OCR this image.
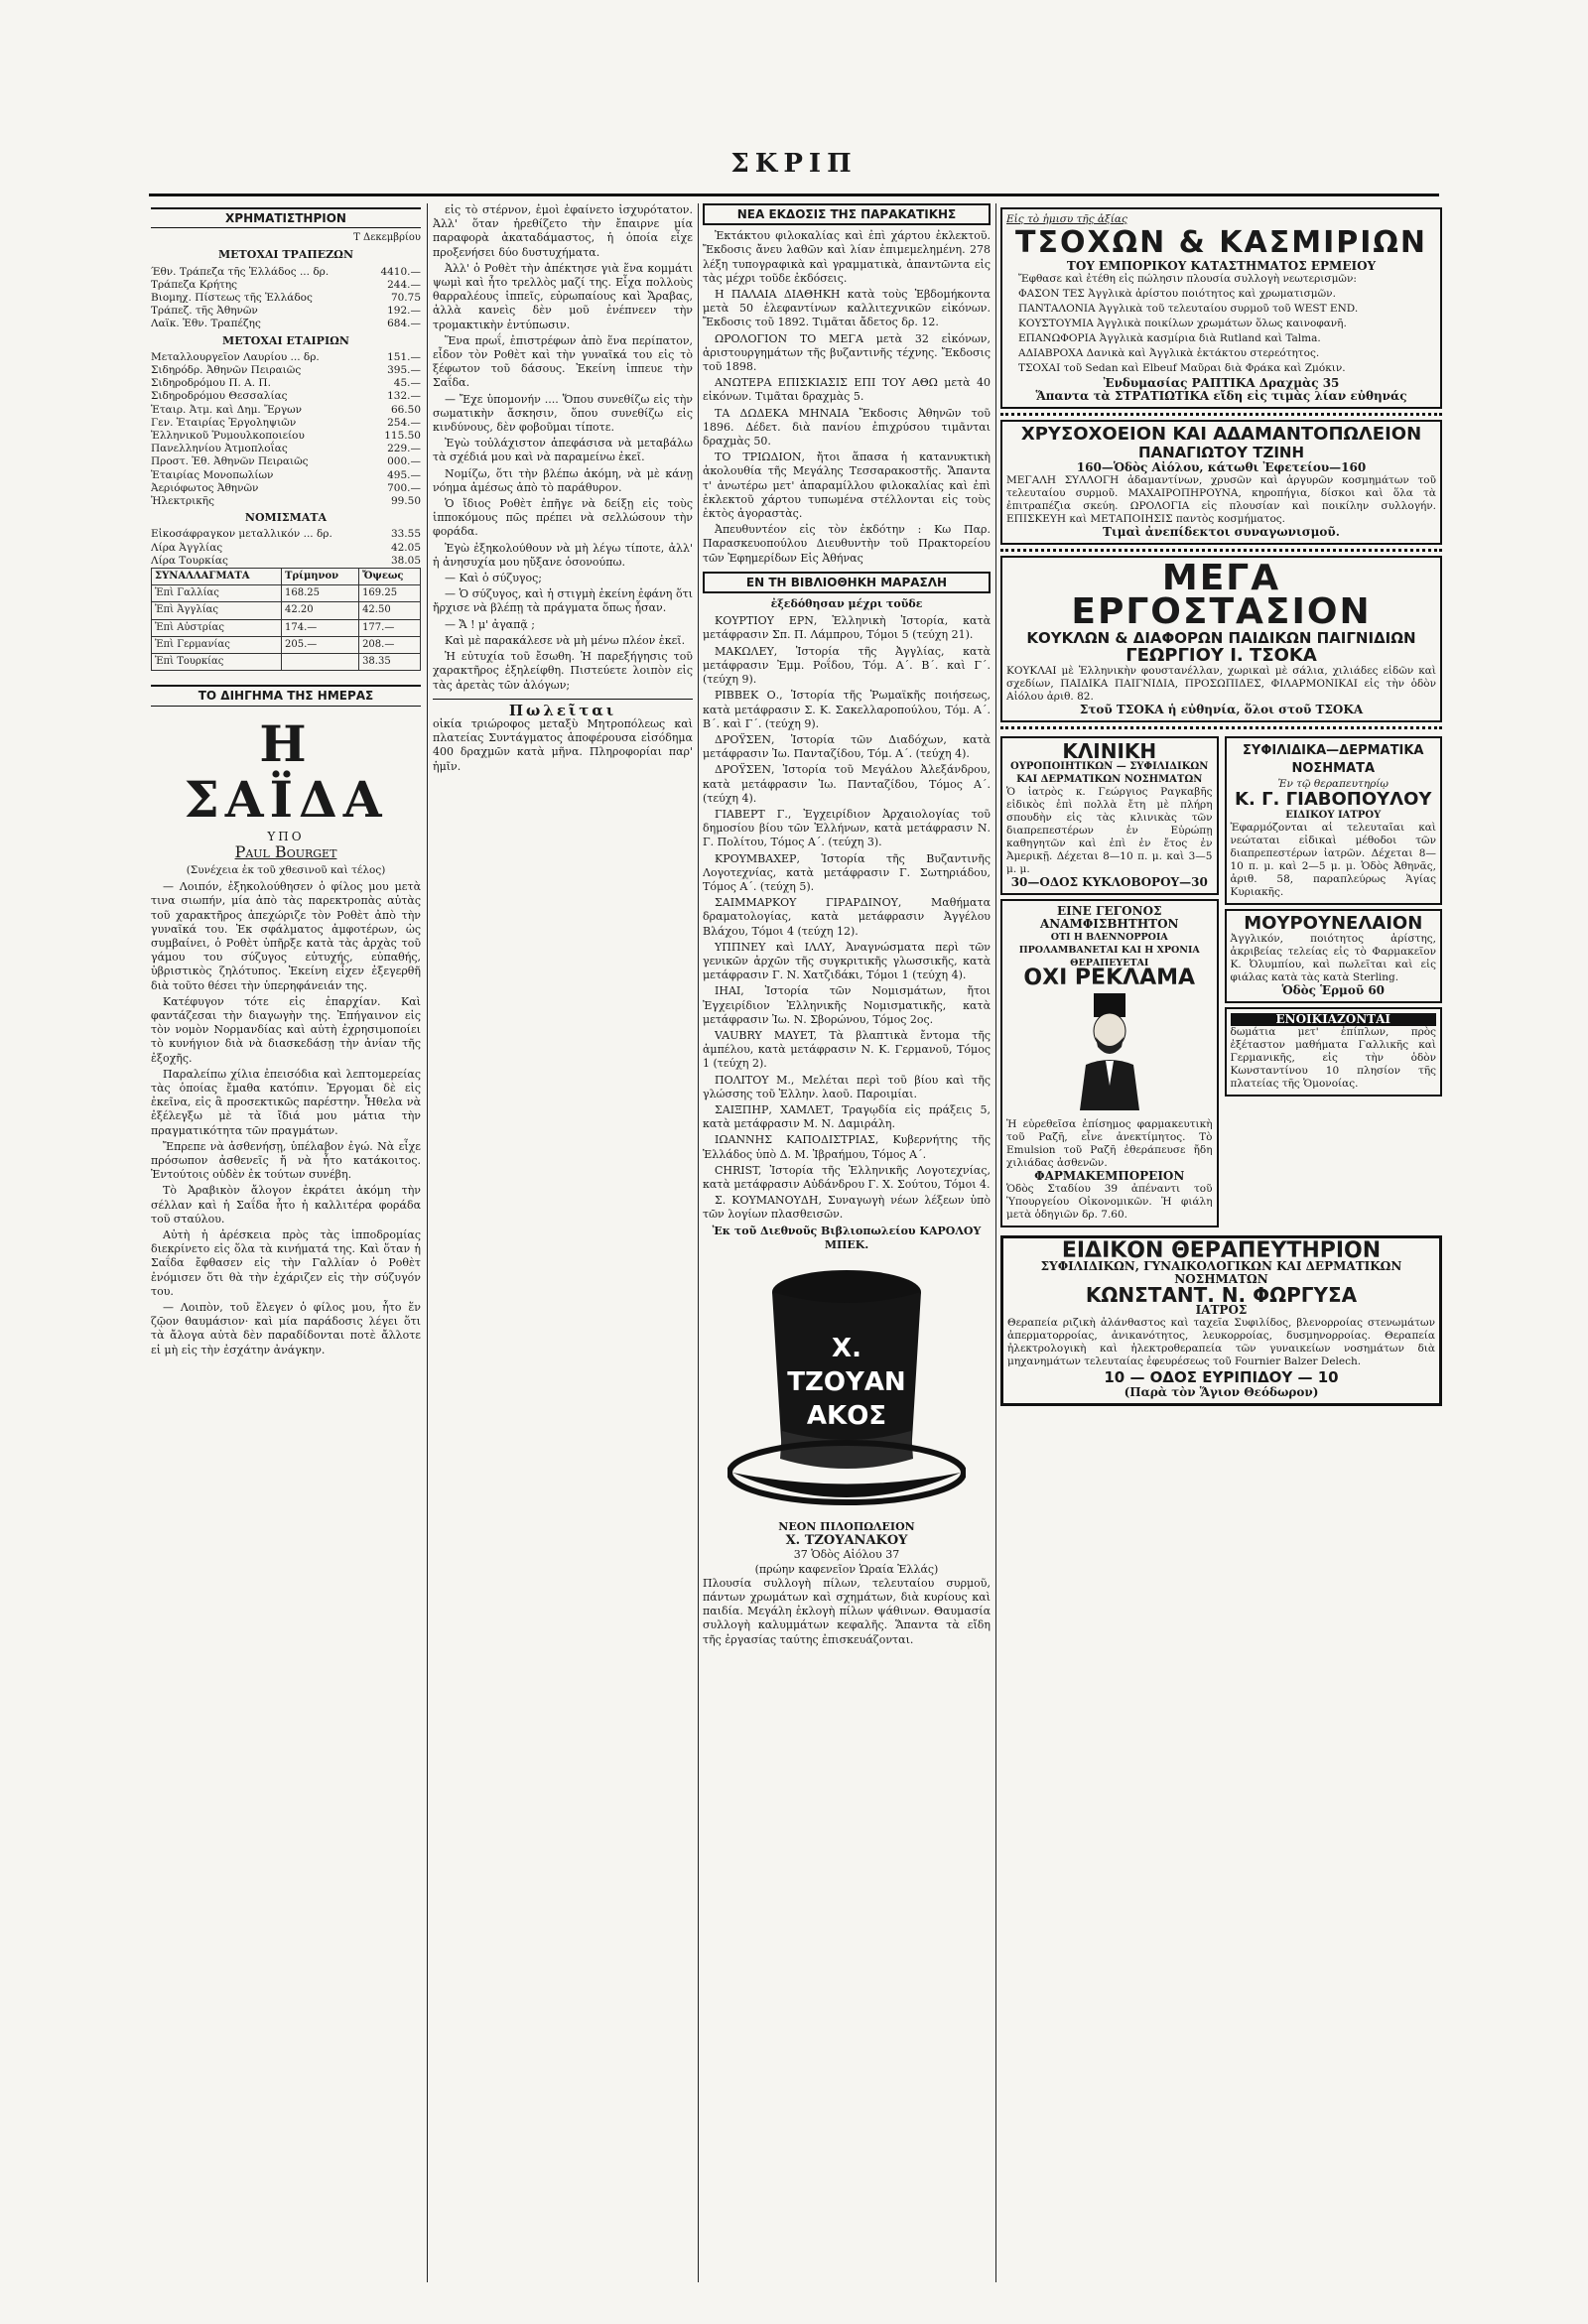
ΣΚΡΙΠ
ΧΡΗΜΑΤΙΣΤΗΡΙΟΝ
Τ Δεκεμβρίου
ΜΕΤΟΧΑΙ ΤΡΑΠΕΖΩΝ
Έθν. Τράπεζα τῆς Ἑλλάδος ... δρ.	4410.—
Τράπεζα Κρήτης	244.—
Βιομηχ. Πίστεως τῆς Ἑλλάδος	70.75
Τράπεζ. τῆς Ἀθηνῶν	192.—
Λαϊκ. Ἐθν. Τραπέζης	684.—
ΜΕΤΟΧΑΙ ΕΤΑΙΡΙΩΝ
Μεταλλουργεῖον Λαυρίου ... δρ.	151.—
Σιδηρόδρ. Ἀθηνῶν Πειραιῶς	395.—
Σιδηροδρόμου Π. Α. Π.	45.—
Σιδηροδρόμου Θεσσαλίας	132.—
Ἑταιρ. Ἀτμ. καὶ Δημ. Ἔργων	66.50
Γεν. Ἑταιρίας Ἐργοληψιῶν	254.—
Ἑλληνικοῦ Ῥυμουλκοποιείου	115.50
Πανελληνίου Ἀτμοπλοΐας	229.—
Προστ. Ἑθ. Ἀθηνῶν Πειραιῶς	000.—
Ἑταιρίας Μονοπωλίων	495.—
Ἀεριόφωτος Ἀθηνῶν	700.—
Ἠλεκτρικῆς	99.50
ΝΟΜΙΣΜΑΤΑ
Εἰκοσάφραγκον μεταλλικόν ... δρ.	33.55
Λίρα Ἀγγλίας	42.05
Λίρα Τουρκίας	38.05
ΣΥΝΑΛΛΑΓΜΑΤΑ	Τρίμηνον	Ὄψεως
Ἐπὶ Γαλλίας	168.25	169.25
Ἐπὶ Ἀγγλίας	42.20	42.50
Ἐπὶ Αὐστρίας	174.—	177.—
Ἐπὶ Γερμανίας	205.—	208.—
Ἐπὶ Τουρκίας		38.35
ΤΟ ΔΙΗΓΗΜΑ ΤΗΣ ΗΜΕΡΑΣ
Η ΣΑΪΔΑ
ΥΠΟ
Paul Bourget
(Συνέχεια ἐκ τοῦ χθεσινοῦ καὶ τέλος)

— Λοιπόν, ἐξηκολούθησεν ὁ φίλος μου μετὰ τινα σιωπήν, μία ἀπὸ τὰς παρεκτροπὰς αὐτὰς τοῦ χαρακτῆρος ἀπεχώριζε τὸν Ροθὲτ ἀπὸ τὴν γυναῖκά του. Ἐκ σφάλματος ἀμφοτέρων, ὡς συμβαίνει, ὁ Ροθὲτ ὑπῆρξε κατὰ τὰς ἀρχὰς τοῦ γάμου του σύζυγος εὐτυχής, εὐπαθής, ὑβριστικὸς ζηλότυπος. Ἐκείνη εἶχεν ἐξεγερθῆ διὰ τοῦτο θέσει τὴν ὑπερηφάνειάν της.

Κατέφυγον τότε εἰς ἐπαρχίαν. Καὶ φαντάζεσαι τὴν διαγωγὴν της. Ἐπήγαινον εἰς τὸν νομὸν Νορμανδίας καὶ αὐτὴ ἐχρησιμοποίει τὸ κυνήγιον διὰ νὰ διασκεδάσῃ τὴν ἀνίαν τῆς ἐξοχῆς.

Παραλείπω χίλια ἐπεισόδια καὶ λεπτομερείας τὰς ὁποίας ἔμαθα κατόπιν. Ἐργομαι δὲ εἰς ἐκεῖνα, εἰς ἃ προσεκτικῶς παρέστην. Ἦθελα νὰ ἐξέλεγξω μὲ τὰ ἴδιά μου μάτια τὴν πραγματικότητα τῶν πραγμάτων.

Ἔπρεπε νὰ ἀσθενήσῃ, ὑπέλαβον ἐγώ. Νὰ εἶχε πρόσωπον ἀσθενεῖς ἤ νὰ ἦτο κατάκοιτος. Ἐντούτοις οὐδὲν ἐκ τούτων συνέβη.

Τὸ Ἀραβικὸν ἄλογον ἐκράτει ἀκόμη τὴν σέλλαν καὶ ἡ Σαΐδα ἦτο ἡ καλλιτέρα φοράδα τοῦ σταύλου.

Αὐτὴ ἡ ἀρέσκεια πρὸς τὰς ἱπποδρομίας διεκρίνετο εἰς ὅλα τὰ κινήματά της. Καὶ ὅταν ἡ Σαΐδα ἔφθασεν εἰς τὴν Γαλλίαν ὁ Ροθὲτ ἐνόμισεν ὅτι θὰ τὴν ἐχάριζεν εἰς τὴν σύζυγόν του.

— Λοιπὸν, τοῦ ἔλεγεν ὁ φίλος μου, ἦτο ἕν ζῷον θαυμάσιον· καὶ μία παράδοσις λέγει ὅτι τὰ ἄλογα αὐτὰ δὲν παραδίδονται ποτὲ ἄλλοτε εἰ μὴ εἰς τὴν ἐσχάτην ἀνάγκην.

εἰς τὸ στέρνον, ἐμοὶ ἐφαίνετο ἰσχυρότατον. Ἀλλ' ὅταν ἠρεθίζετο τὴν ἔπαιρνε μία παραφορὰ ἀκαταδάμαστος, ἡ ὁποία εἶχε προξενήσει δύο δυστυχήματα.

Ἀλλ' ὁ Ροθὲτ τὴν ἀπέκτησε γιὰ ἕνα κομμάτι ψωμὶ καὶ ἦτο τρελλὸς μαζί της. Εἶχα πολλοὺς θαρραλέους ἱππεῖς, εὐρωπαίους καὶ Ἄραβας, ἀλλὰ κανεὶς δὲν μοῦ ἐνέπνεεν τὴν τρομακτικὴν ἐντύπωσιν.

Ἕνα πρωΐ, ἐπιστρέφων ἀπὸ ἕνα περίπατον, εἶδον τὸν Ροθὲτ καὶ τὴν γυναῖκά του εἰς τὸ ξέφωτον τοῦ δάσους. Ἐκείνη ἱππευε τὴν Σαΐδα.

— Ἔχε ὑπομονήν .... Ὅπου συνεθίζω εἰς τὴν σωματικὴν ἄσκησιν, ὅπου συνεθίζω εἰς κινδύνους, δὲν φοβοῦμαι τίποτε.

Ἐγὼ τοὐλάχιστον ἀπεφάσισα νὰ μεταβάλω τὰ σχέδιά μου καὶ νὰ παραμείνω ἐκεῖ.

Νομίζω, ὅτι τὴν βλέπω ἀκόμη, νὰ μὲ κάνῃ νόημα ἀμέσως ἀπὸ τὸ παράθυρον.

Ὁ ἴδιος Ροθὲτ ἐπῆγε νὰ δείξῃ εἰς τοὺς ἱπποκόμους πῶς πρέπει νὰ σελλώσουν τὴν φοράδα.

Ἐγὼ ἐξηκολούθουν νὰ μὴ λέγω τίποτε, ἀλλ' ἡ ἀνησυχία μου ηὔξανε ὁσονούπω.

— Καὶ ὁ σύζυγος;

— Ὁ σύζυγος, καὶ ἡ στιγμὴ ἐκείνη ἐφάνη ὅτι ἤρχισε νὰ βλέπῃ τὰ πράγματα ὅπως ἦσαν.

— Ἄ ! μ' ἀγαπᾷ ;

Καὶ μὲ παρακάλεσε νὰ μὴ μένω πλέον ἐκεῖ.

Ἡ εὐτυχία τοῦ ἔσωθη. Ἡ παρεξήγησις τοῦ χαρακτῆρος ἐξηλείφθη. Πιστεύετε λοιπὸν εἰς τὰς ἀρετὰς τῶν ἀλόγων;

Πωλεῖται
οἰκία τριώροφος μεταξὺ Μητροπόλεως καὶ πλατείας Συντάγματος ἀποφέρουσα εἰσόδημα 400 δραχμῶν κατὰ μῆνα. Πληροφορίαι παρ' ἡμῖν.
ΝΕΑ ΕΚΔΟΣΙΣ ΤΗΣ ΠΑΡΑΚΑΤΙΚΗΣ

Ἐκτάκτου φιλοκαλίας καὶ ἐπὶ χάρτου ἐκλεκτοῦ. Ἔκδοσις ἄνευ λαθῶν καὶ λίαν ἐπιμεμελημένη. 278 λέξη τυπογραφικὰ καὶ γραμματικὰ, ἀπαντῶντα εἰς τὰς μέχρι τοῦδε ἐκδόσεις.

Η ΠΑΛΑΙΑ ΔΙΑΘΗΚΗ κατὰ τοὺς Ἑβδομήκοντα μετὰ 50 ἐλεφαντίνων καλλιτεχνικῶν εἰκόνων. Ἔκδοσις τοῦ 1892. Τιμᾶται ἄδετος δρ. 12.

ΩΡΟΛΟΓΙΟΝ ΤΟ ΜΕΓΑ μετὰ 32 εἰκόνων, ἀριστουργημάτων τῆς βυζαντινῆς τέχνης. Ἔκδοσις τοῦ 1898.

ΑΝΩΤΕΡΑ ΕΠΙΣΚΙΑΣΙΣ ΕΠΙ ΤΟΥ ΑΘΩ μετὰ 40 εἰκόνων. Τιμᾶται δραχμὰς 5.

ΤΑ ΔΩΔΕΚΑ ΜΗΝΑΙΑ Ἔκδοσις Ἀθηνῶν τοῦ 1896. Δέδετ. διὰ πανίου ἐπιχρύσου τιμᾶνται δραχμὰς 50.

ΤΟ ΤΡΙΩΔΙΟΝ, ἤτοι ἅπασα ἡ κατανυκτικὴ ἀκολουθία τῆς Μεγάλης Τεσσαρακοστῆς. Ἅπαντα τ' ἀνωτέρω μετ' ἀπαραμίλλου φιλοκαλίας καὶ ἐπὶ ἐκλεκτοῦ χάρτου τυπωμένα στέλλονται εἰς τοὺς ἐκτὸς ἀγοραστὰς.

Ἀπευθυντέον εἰς τὸν ἐκδότην : Κω Παρ. Παρασκευοπούλου Διευθυντὴν τοῦ Πρακτορείου τῶν Ἐφημερίδων Εἰς Ἀθήνας

ΕΝ ΤΗ ΒΙΒΛΙΟΘΗΚΗ ΜΑΡΑΣΛΗ
ἐξεδόθησαν μέχρι τοῦδε

ΚΟΥΡΤΙΟΥ ΕΡΝ, Ἑλληνικὴ Ἱστορία, κατὰ μετάφρασιν Σπ. Π. Λάμπρου, Τόμοι 5 (τεύχη 21).

ΜΑΚΩΛΕΥ, Ἱστορία τῆς Ἀγγλίας, κατὰ μετάφρασιν Ἐμμ. Ροΐδου, Τόμ. Α΄. Β΄. καὶ Γ΄. (τεύχη 9).

ΡΙΒΒΕΚ Ο., Ἱστορία τῆς Ῥωμαϊκῆς ποιήσεως, κατὰ μετάφρασιν Σ. Κ. Σακελλαροπούλου, Τόμ. Α΄. Β΄. καὶ Γ΄. (τεύχη 9).

ΔΡΟΫΣΕΝ, Ἱστορία τῶν Διαδόχων, κατὰ μετάφρασιν Ἰω. Πανταζίδου, Τόμ. Α΄. (τεύχη 4).

ΔΡΟΫΣΕΝ, Ἱστορία τοῦ Μεγάλου Ἀλεξάνδρου, κατὰ μετάφρασιν Ἰω. Πανταζίδου, Τόμος Α΄. (τεύχη 4).

ΓΙΑΒΕΡΤ Γ., Ἐγχειρίδιον Ἀρχαιολογίας τοῦ δημοσίου βίου τῶν Ἑλλήνων, κατὰ μετάφρασιν Ν. Γ. Πολίτου, Τόμος Α΄. (τεύχη 3).

ΚΡΟΥΜΒΑΧΕΡ, Ἱστορία τῆς Βυζαντινῆς Λογοτεχνίας, κατὰ μετάφρασιν Γ. Σωτηριάδου, Τόμος Α΄. (τεύχη 5).

ΣΑΙΜΜΑΡΚΟΥ ΓΙΡΑΡΔΙΝΟΥ, Μαθήματα δραματολογίας, κατὰ μετάφρασιν Ἀγγέλου Βλάχου, Τόμοι 4 (τεύχη 12).

ΥΠΠΝΕΥ καὶ ΙΛΛΥ, Ἀναγνώσματα περὶ τῶν γενικῶν ἀρχῶν τῆς συγκριτικῆς γλωσσικῆς, κατὰ μετάφρασιν Γ. Ν. Χατζιδάκι, Τόμοι 1 (τεύχη 4).

ΙΗΑΙ, Ἱστορία τῶν Νομισμάτων, ἤτοι Ἐγχειρίδιον Ἑλληνικῆς Νομισματικῆς, κατὰ μετάφρασιν Ἰω. Ν. Σβορώνου, Τόμος 2ος.

VAUBRY MAYET, Τὰ βλαπτικὰ ἔντομα τῆς ἀμπέλου, κατὰ μετάφρασιν Ν. Κ. Γερμανοῦ, Τόμος 1 (τεύχη 2).

ΠΟΛΙΤΟΥ Μ., Μελέται περὶ τοῦ βίου καὶ τῆς γλώσσης τοῦ Ἑλλην. λαοῦ. Παροιμίαι.

ΣΑΙΞΠΗΡ, ΧΑΜΛΕΤ, Τραγῳδία εἰς πράξεις 5, κατὰ μετάφρασιν Μ. Ν. Δαμιράλη.

ΙΩΑΝΝΗΣ ΚΑΠΟΔΙΣΤΡΙΑΣ, Κυβερνήτης τῆς Ἑλλάδος ὑπὸ Δ. Μ. Ἰβραήμου, Τόμος Α΄.

CHRIST, Ἱστορία τῆς Ἑλληνικῆς Λογοτεχνίας, κατὰ μετάφρασιν Αὐδάνδρου Γ. Χ. Σούτου, Τόμοι 4.

Σ. ΚΟΥΜΑΝΟΥΔΗ, Συναγωγὴ νέων λέξεων ὑπὸ τῶν λογίων πλασθεισῶν.

Ἐκ τοῦ Διεθνοῦς Βιβλιοπωλείου ΚΑΡΟΛΟΥ ΜΠΕΚ.
Χ. ΤΖΟΥΑΝΑΚΟΣ
ΝΕΟΝ ΠΙΛΟΠΩΛΕΙΟΝ
Χ. ΤΖΟΥΑΝΑΚΟΥ
37 Ὁδὸς Αἰόλου 37
(πρώην καφενεῖον Ὡραία Ἑλλάς)
Πλουσία συλλογὴ πίλων, τελευταίου συρμοῦ, πάντων χρωμάτων καὶ σχημάτων, διὰ κυρίους καὶ παιδία. Μεγάλη ἐκλογὴ πίλων ψάθινων. Θαυμασία συλλογὴ καλυμμάτων κεφαλῆς. Ἅπαντα τὰ εἴδη τῆς ἐργασίας ταύτης ἐπισκευάζονται.
Εἰς τὸ ἡμισυ τῆς ἀξίας
ΤΣΟΧΩΝ & ΚΑΣΜΙΡΙΩΝ
ΤΟΥ ΕΜΠΟΡΙΚΟΥ ΚΑΤΑΣΤΗΜΑΤΟΣ ΕΡΜΕΙΟΥ

Ἔφθασε καὶ ἐτέθη εἰς πώλησιν πλουσία συλλογὴ νεωτερισμῶν:

ΦΑΣΟΝ ΤΕΣ Ἀγγλικὰ ἀρίστου ποιότητος καὶ χρωματισμῶν.

ΠΑΝΤΑΛΟΝΙΑ Ἀγγλικὰ τοῦ τελευταίου συρμοῦ τοῦ WEST END.

ΚΟΥΣΤΟΥΜΙΑ Ἀγγλικὰ ποικίλων χρωμάτων ὅλως καινοφανῆ.

ΕΠΑΝΩΦΟΡΙΑ Ἀγγλικὰ κασμίρια διὰ Rutland καὶ Talma.

ΑΔΙΑΒΡΟΧΑ Δανικὰ καὶ Ἀγγλικὰ ἐκτάκτου στερεότητος.

ΤΣΟΧΑΙ τοῦ Sedan καὶ Elbeuf Μαῦραι διὰ Φράκα καὶ Ζμόκιν.

Ἐνδυμασίας ΡΑΠΤΙΚΑ Δραχμὰς 35
Ἅπαντα τὰ ΣΤΡΑΤΙΩΤΙΚΑ εἴδη εἰς τιμὰς λίαν εὐθηνάς
ΧΡΥΣΟΧΟΕΙΟΝ ΚΑΙ ΑΔΑΜΑΝΤΟΠΩΛΕΙΟΝ
ΠΑΝΑΓΙΩΤΟΥ ΤΖΙΝΗ
160—Ὁδὸς Αἰόλου, κάτωθι Ἐφετείου—160
ΜΕΓΑΛΗ ΣΥΛΛΟΓΗ ἀδαμαντίνων, χρυσῶν καὶ ἀργυρῶν κοσμημάτων τοῦ τελευταίου συρμοῦ. ΜΑΧΑΙΡΟΠΗΡΟΥΝΑ, κηροπήγια, δίσκοι καὶ ὅλα τὰ ἐπιτραπέζια σκεύη. ΩΡΟΛΟΓΙΑ εἰς πλουσίαν καὶ ποικίλην συλλογήν. ΕΠΙΣΚΕΥΗ καὶ ΜΕΤΑΠΟΙΗΣΙΣ παντὸς κοσμήματος.
Τιμαὶ ἀνεπίδεκτοι συναγωνισμοῦ.
ΜΕΓΑ ΕΡΓΟΣΤΑΣΙΟΝ
ΚΟΥΚΛΩΝ & ΔΙΑΦΟΡΩΝ ΠΑΙΔΙΚΩΝ ΠΑΙΓΝΙΔΙΩΝ
ΓΕΩΡΓΙΟΥ Ι. ΤΣΟΚΑ
ΚΟΥΚΛΑΙ μὲ Ἑλληνικὴν φουστανέλλαν, χωρικαὶ μὲ σάλια, χιλιάδες εἰδῶν καὶ σχεδίων, ΠΑΙΔΙΚΑ ΠΑΙΓΝΙΔΙΑ, ΠΡΟΣΩΠΙΔΕΣ, ΦΙΛΑΡΜΟΝΙΚΑΙ εἰς τὴν ὁδὸν Αἰόλου ἀριθ. 82.
Στοῦ ΤΣΟΚΑ ἡ εὐθηνία, ὅλοι στοῦ ΤΣΟΚΑ
ΚΛΙΝΙΚΗ
ΟΥΡΟΠΟΙΗΤΙΚΩΝ — ΣΥΦΙΛΙΔΙΚΩΝ ΚΑΙ ΔΕΡΜΑΤΙΚΩΝ ΝΟΣΗΜΑΤΩΝ
Ὁ ἰατρὸς κ. Γεώργιος Ραγκαβῆς εἰδικὸς ἐπὶ πολλὰ ἔτη μὲ πλήρη σπουδὴν εἰς τὰς κλινικὰς τῶν διαπρεπεστέρων ἐν Εὐρώπῃ καθηγητῶν καὶ ἐπὶ ἐν ἔτος ἐν Ἀμερικῇ. Δέχεται 8—10 π. μ. καὶ 3—5 μ. μ.
30—ΟΔΟΣ ΚΥΚΛΟΒΟΡΟΥ—30
ΕΙΝΕ ΓΕΓΟΝΟΣ ΑΝΑΜΦΙΣΒΗΤΗΤΟΝ
ΟΤΙ Η ΒΛΕΝΝΟΡΡΟΙΑ ΠΡΟΛΑΜΒΑΝΕΤΑΙ ΚΑΙ Η ΧΡΟΝΙΑ ΘΕΡΑΠΕΥΕΤΑΙ
ΟΧΙ ΡΕΚΛΑΜΑ
Ἡ εὑρεθεῖσα ἐπίσημος φαρμακευτικὴ τοῦ Ραζῆ, εἶνε ἀνεκτίμητος. Τὸ Emulsion τοῦ Ραζῆ ἐθεράπευσε ἤδη χιλιάδας ἀσθενῶν.
ΦΑΡΜΑΚΕΜΠΟΡΕΙΟΝ
Ὁδὸς Σταδίου 39 ἀπέναντι τοῦ Ὑπουργείου Οἰκονομικῶν. Ἡ φιάλη μετὰ ὁδηγιῶν δρ. 7.60.
ΣΥΦΙΛΙΔΙΚΑ—ΔΕΡΜΑΤΙΚΑ ΝΟΣΗΜΑΤΑ
Ἐν τῷ θεραπευτηρίῳ
Κ. Γ. ΓΙΑΒΟΠΟΥΛΟΥ
ΕΙΔΙΚΟΥ ΙΑΤΡΟΥ
Ἐφαρμόζονται αἱ τελευταῖαι καὶ νεώταται εἰδικαὶ μέθοδοι τῶν διαπρεπεστέρων ἰατρῶν. Δέχεται 8—10 π. μ. καὶ 2—5 μ. μ. Ὁδὸς Ἀθηνᾶς, ἀριθ. 58, παραπλεύρως Ἁγίας Κυριακῆς.
ΜΟΥΡΟΥΝΕΛΑΙΟΝ
Ἀγγλικόν, ποιότητος ἀρίστης, ἀκριβείας τελείας εἰς τὸ Φαρμακεῖον Κ. Ὀλυμπίου, καὶ πωλεῖται καὶ εἰς φιάλας κατὰ τὰς κατὰ Sterling.
Ὁδὸς Ἑρμοῦ 60
ΕΝΟΙΚΙΑΖΟΝΤΑΙ
δωμάτια μετ' ἐπίπλων, πρὸς ἐξέταστον μαθήματα Γαλλικῆς καὶ Γερμανικῆς, εἰς τὴν ὁδὸν Κωνσταντίνου 10 πλησίον τῆς πλατείας τῆς Ὁμονοίας.
ΕΙΔΙΚΟΝ ΘΕΡΑΠΕΥΤΗΡΙΟΝ
ΣΥΦΙΛΙΔΙΚΩΝ, ΓΥΝΑΙΚΟΛΟΓΙΚΩΝ ΚΑΙ ΔΕΡΜΑΤΙΚΩΝ ΝΟΣΗΜΑΤΩΝ
ΚΩΝΣΤΑΝΤ. Ν. ΦΩΡΓΥΣΑ
ΙΑΤΡΟΣ
Θεραπεία ριζικὴ ἀλάνθαστος καὶ ταχεῖα Συφιλίδος, βλενορροίας στενωμάτων ἀπερματορροίας, ἀνικανότητος, λευκορροίας, δυσμηνορροίας. Θεραπεία ἠλεκτρολογικὴ καὶ ἠλεκτροθεραπεία τῶν γυναικείων νοσημάτων διὰ μηχανημάτων τελευταίας ἐφευρέσεως τοῦ Fournier Balzer Delech.
10 — ΟΔΟΣ ΕΥΡΙΠΙΔΟΥ — 10
(Παρὰ τὸν Ἅγιον Θεόδωρον)
